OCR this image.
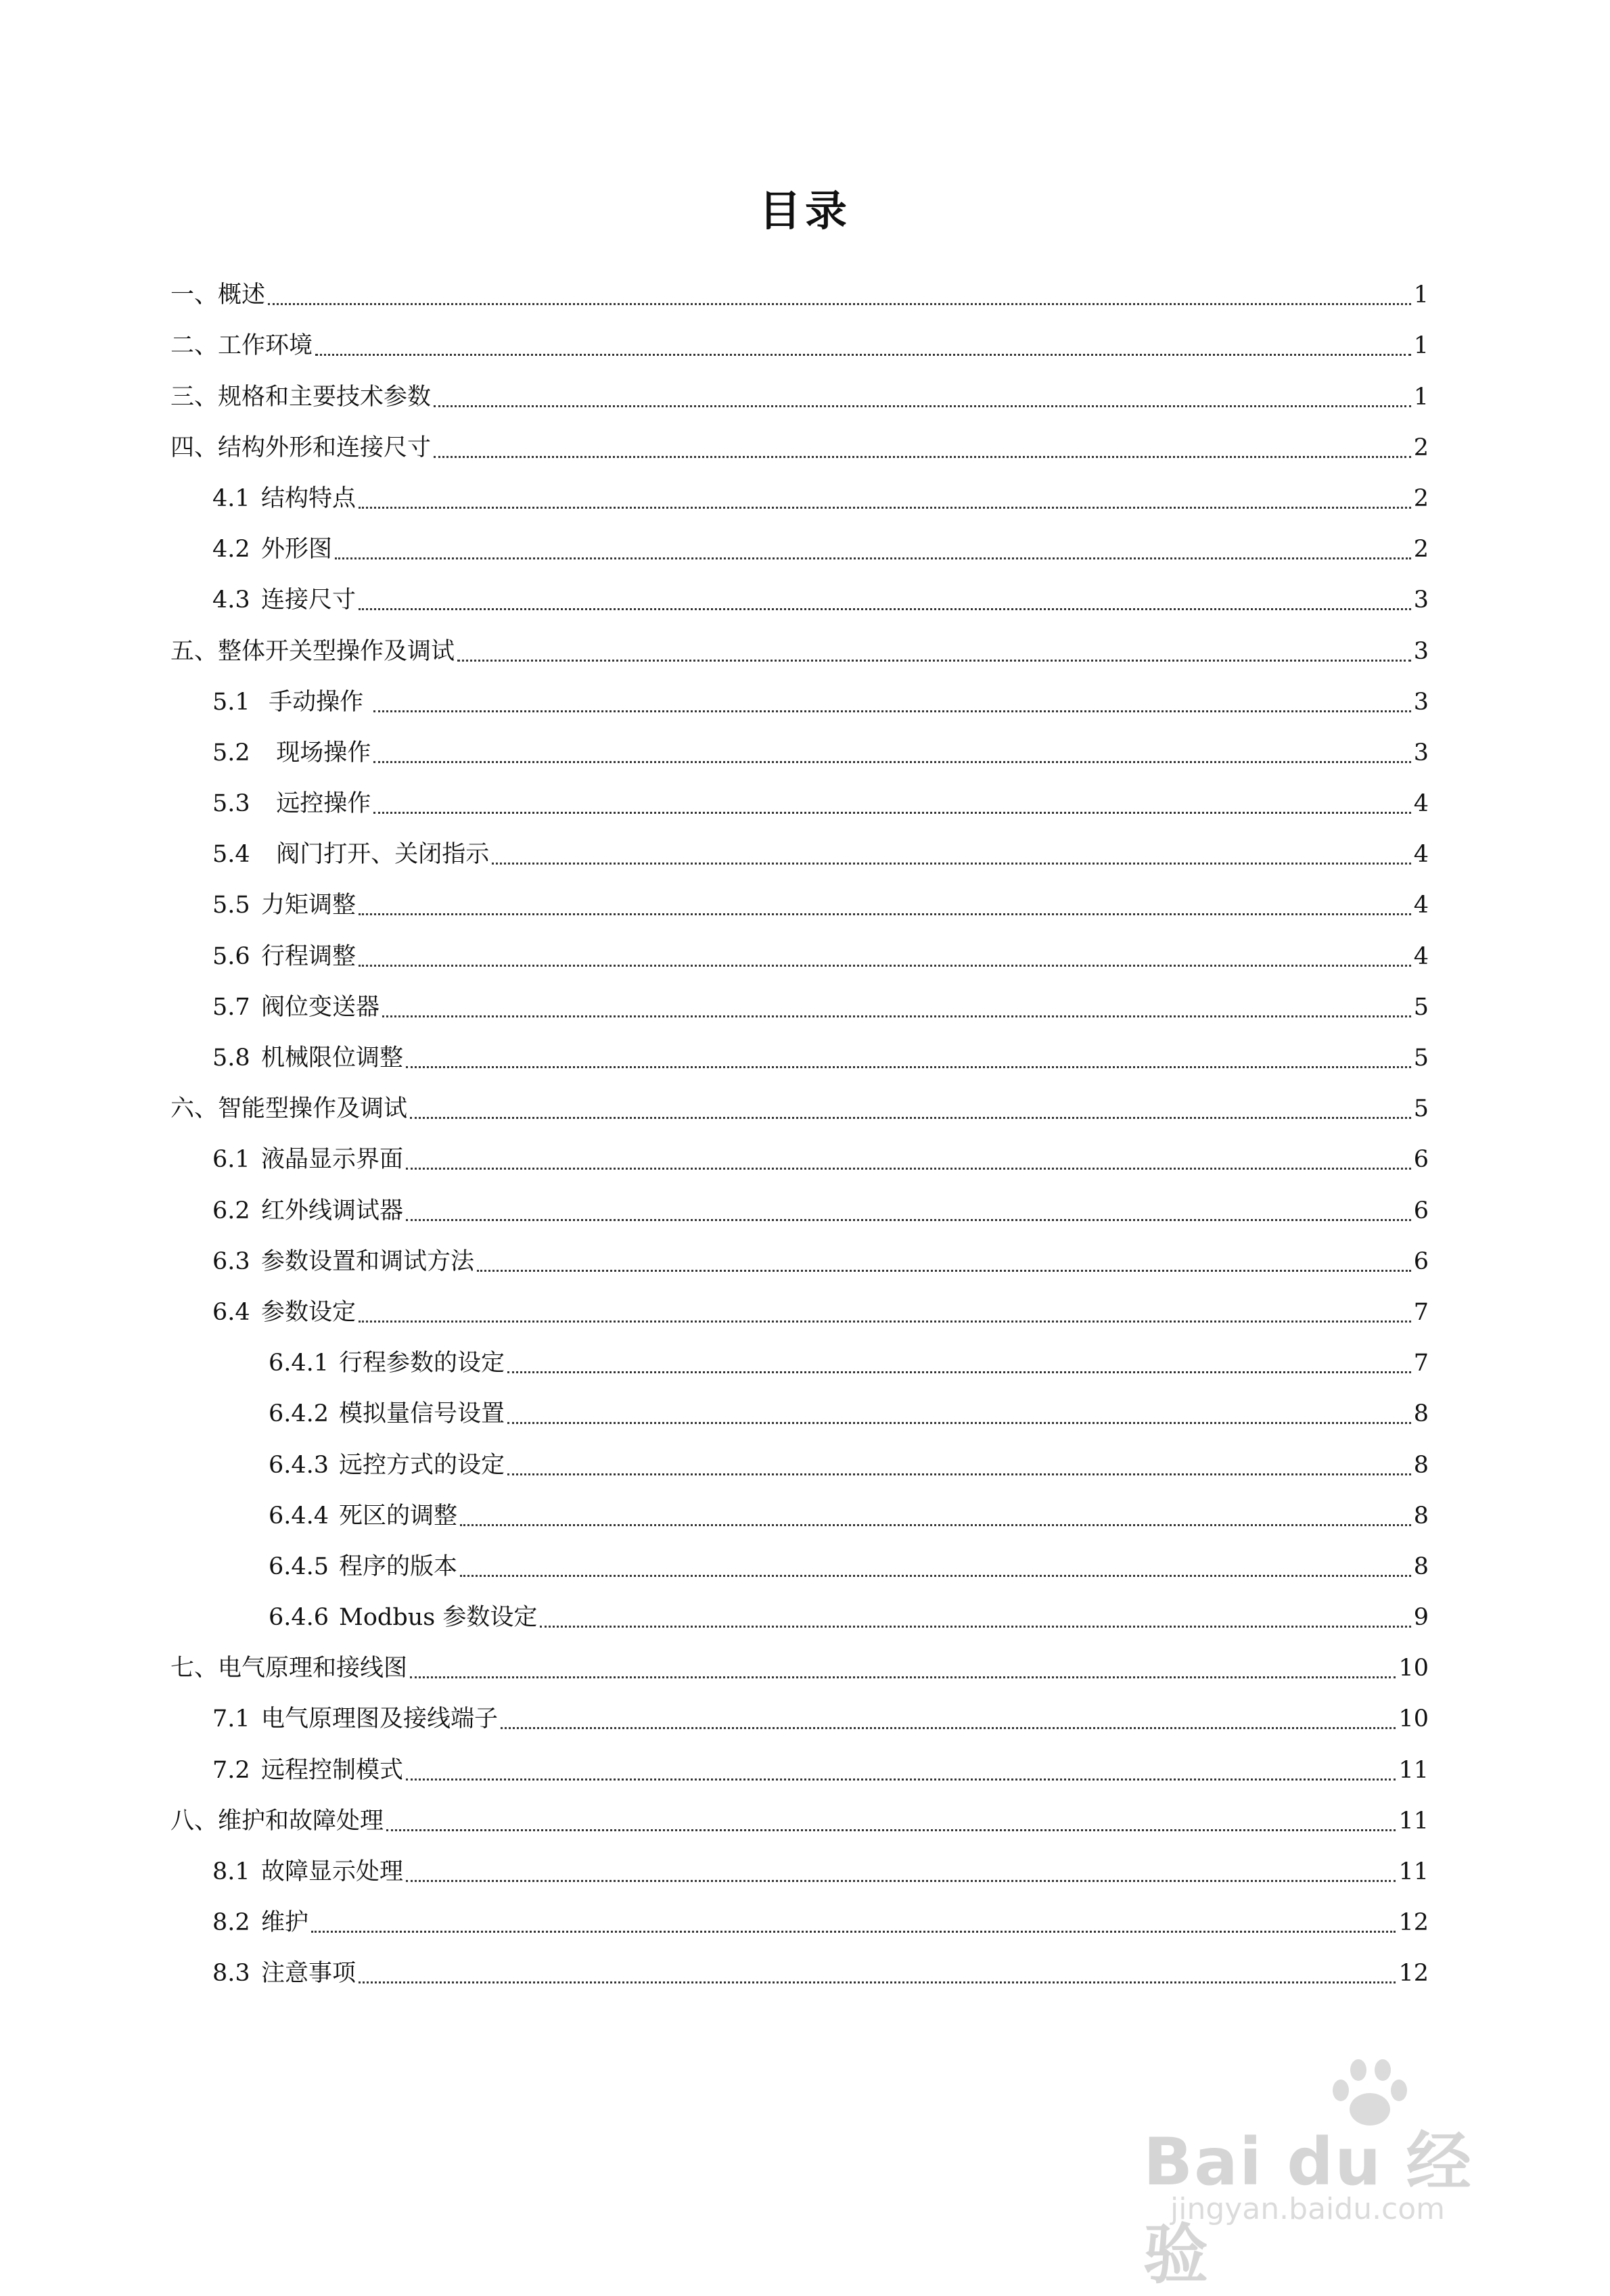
目录
一、概述	1
二、工作环境	1
三、规格和主要技术参数	1
四、结构外形和连接尺寸	2
4.1 结构特点	2
4.2 外形图	2
4.3 连接尺寸	3
五、整体开关型操作及调试	3
5.1 手动操作	3
5.2 现场操作	3
5.3 远控操作	4
5.4 阀门打开、关闭指示	4
5.5 力矩调整	4
5.6 行程调整	4
5.7 阀位变送器	5
5.8 机械限位调整	5
六、智能型操作及调试	5
6.1 液晶显示界面	6
6.2 红外线调试器	6
6.3 参数设置和调试方法	6
6.4 参数设定	7
6.4.1 行程参数的设定	7
6.4.2 模拟量信号设置	8
6.4.3 远控方式的设定	8
6.4.4 死区的调整	8
6.4.5 程序的版本	8
6.4.6 Modbus 参数设定	9
七、电气原理和接线图	10
7.1 电气原理图及接线端子	10
7.2 远程控制模式	11
八、维护和故障处理	11
8.1 故障显示处理	11
8.2 维护	12
8.3 注意事项	12
Bai du 经验
jingyan.baidu.com
